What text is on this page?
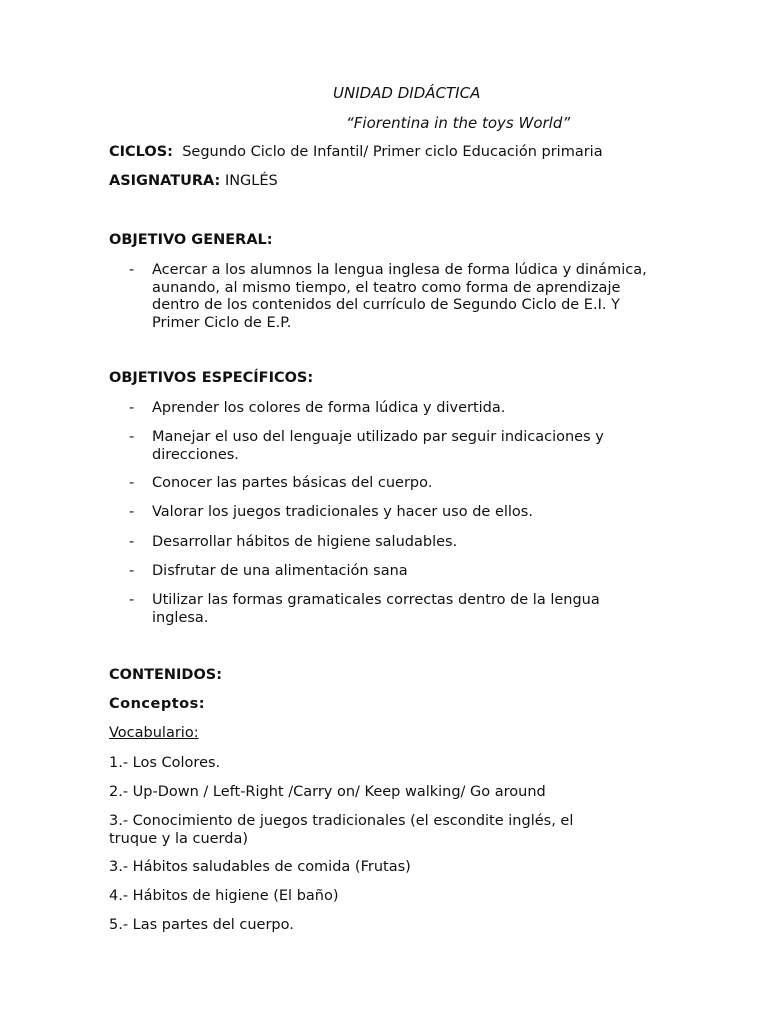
UNIDAD DIDÁCTICA
“Fiorentina in the toys World”
CICLOS: Segundo Ciclo de Infantil/ Primer ciclo Educación primaria
ASIGNATURA: INGLÉS
OBJETIVO GENERAL:
- Acercar a los alumnos la lengua inglesa de forma lúdica y dinámica, aunando, al mismo tiempo, el teatro como forma de aprendizaje dentro de los contenidos del currículo de Segundo Ciclo de E.I. Y Primer Ciclo de E.P.
OBJETIVOS ESPECÍFICOS:
- Aprender los colores de forma lúdica y divertida.
- Manejar el uso del lenguaje utilizado par seguir indicaciones y direcciones.
- Conocer las partes básicas del cuerpo.
- Valorar los juegos tradicionales y hacer uso de ellos.
- Desarrollar hábitos de higiene saludables.
- Disfrutar de una alimentación sana
- Utilizar las formas gramaticales correctas dentro de la lengua inglesa.
CONTENIDOS:
Conceptos:
Vocabulario:
1.- Los Colores.
2.- Up-Down / Left-Right /Carry on/ Keep walking/ Go around
3.- Conocimiento de juegos tradicionales (el escondite inglés, el truque y la cuerda)
3.- Hábitos saludables de comida (Frutas)
4.- Hábitos de higiene (El baño)
5.- Las partes del cuerpo.
